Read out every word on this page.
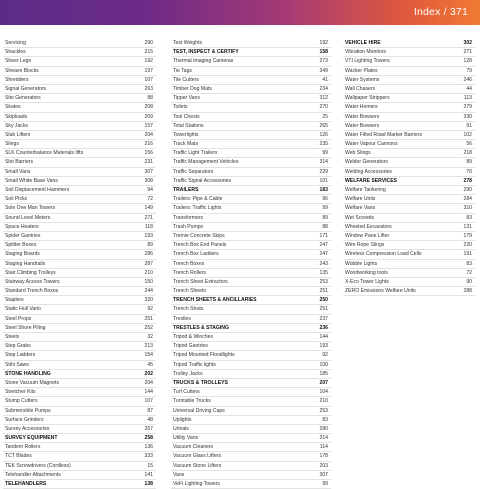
Index / 371
Servicing	290
Shackles	215
Sheer Legs	192
Sheave Blocks	197
Shredders	107
Signal Generators	263
Site Generators	88
Skates	208
Skiploads	209
Sky Jacks	157
Slab Lifters	204
Slings	216
SLK Counterbalance Materials lifts	156
Slot Barriers	231
Small Vans	307
Small White Base Vans	308
Soil Displacement Hammers	94
Soil Picks	72
Sole One Man Towers	149
Sound Level Meters	271
Space Heaters	118
Spider Gantries	193
Splitter Boxes	89
Staging Boards	286
Staging Handrails	287
Stair Climbing Trolleys	210
Stairway Access Towers	150
Standard Trench Boxes	244
Staplers	320
Static Hull Vario	92
Steel Props	251
Steel Shore Piling	252
Steels	32
Step Grabs	213
Step Ladders	154
Stihl Saws	45
STONE HANDLING	202
Stone Vacuum Magnets	204
Stretcher Kits	144
Stump Cutters	107
Submersible Pumps	87
Surface Grinders	48
Survey Accessories	267
SURVEY EQUIPMENT	258
Tandem Rollers	136
TCT Blades	333
TEK Screwdrivers (Cordless)	15
Telehandler Attachments	141
TELEHANDLERS	138
Test Weights	192
TEST, INSPECT & CERTIFY	158
Thermal Imaging Cameras	273
Tie Tags	349
Tile Cutters	41
Timber Dog Mats	234
Tipper Vans	312
Toilets	270
Tool Chests	25
Total Stations	265
Towerlights	126
Track Mats	235
Traffic Light Trailers	99
Traffic Management Vehicles	314
Traffic Separators	229
Traffic Signal Accessories	101
TRAILERS	183
Trailers: Pipe & Cable	96
Trailers: Traffic Lights	99
Transformers	89
Trash Pumps	88
Tremie Concrete Skips	171
Trench Box End Panels	247
Trench Box Ladders	247
Trench Boxes	243
Trench Rollers	135
Trench Sheet Extractors	253
Trench Sheets	251
TRENCH SHEETS & ANCILLARIES	250
Trench Struts	251
Trestles	237
TRESTLES & STAGING	236
Tripod & Winches	144
Tripod Gantries	193
Tripod Mounted Floodlights	92
Tripod Traffic lights	100
Trolley Jacks	185
TRUCKS & TROLLEYS	207
Turf Cutters	104
Turntable Trucks	210
Universal Driving Caps	253
Uplights	83
Urinals	280
Utility Vans	314
Vacuum Cleaners	114
Vacuum Glass Lifters	178
Vacuum Stone Lifters	203
Vans	307
VeFi Lighting Towers	99
VEHICLE HIRE	302
Vibration Monitors	271
VTI Lighting Towers	128
Wacker Plates	79
Water Systems	246
Wall Chasers	44
Wallpaper Strippers	113
Water Homers	279
Water Bowsers	330
Water Bowsers	91
Water Filled Road Marker Barriers	102
Water Vapour Cannons	56
Web Slings	218
Welder Generators	89
Welding Accessories	70
WELFARE SERVICES	278
Welfare Tankering	290
Welfare Units	284
Welfare Vans	310
Wet Screeds	83
Wheeled Excavators	131
Window Pane Lifter	179
Wire Rope Slings	220
Wireless Compression Load Cells	191
Wobble Lights	83
Woodworking tools	72
X-Eco Tower Lights	90
ZERO Emissions Welfare Units	288
